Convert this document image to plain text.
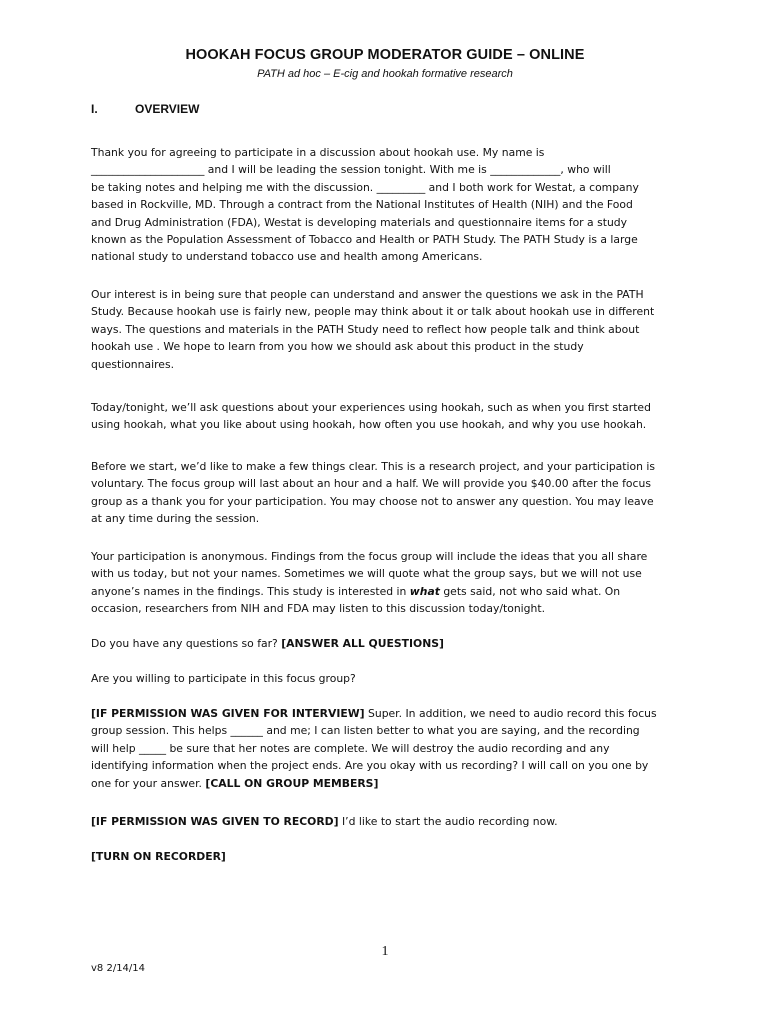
HOOKAH FOCUS GROUP MODERATOR GUIDE – ONLINE
PATH ad hoc – E-cig and hookah formative research
I.	OVERVIEW
Thank you for agreeing to participate in a discussion about hookah use. My name is
_____________________ and I will be leading the session tonight. With me is _____________, who will
be taking notes and helping me with the discussion. _________ and I both work for Westat, a company
based in Rockville, MD. Through a contract from the National Institutes of Health (NIH) and the Food
and Drug Administration (FDA), Westat is developing materials and questionnaire items for a study
known as the Population Assessment of Tobacco and Health or PATH Study. The PATH Study is a large
national study to understand tobacco use and health among Americans.
Our interest is in being sure that people can understand and answer the questions we ask in the PATH
Study. Because hookah use is fairly new, people may think about it or talk about hookah use in different
ways. The questions and materials in the PATH Study need to reflect how people talk and think about
hookah use . We hope to learn from you how we should ask about this product in the study
questionnaires.
Today/tonight, we’ll ask questions about your experiences using hookah, such as when you first started
using hookah, what you like about using hookah, how often you use hookah, and why you use hookah.
Before we start, we’d like to make a few things clear. This is a research project, and your participation is
voluntary. The focus group will last about an hour and a half. We will provide you $40.00 after the focus
group as a thank you for your participation. You may choose not to answer any question. You may leave
at any time during the session.
Your participation is anonymous. Findings from the focus group will include the ideas that you all share
with us today, but not your names. Sometimes we will quote what the group says, but we will not use
anyone’s names in the findings. This study is interested in what gets said, not who said what. On
occasion, researchers from NIH and FDA may listen to this discussion today/tonight.
Do you have any questions so far? [ANSWER ALL QUESTIONS]
Are you willing to participate in this focus group?
[IF PERMISSION WAS GIVEN FOR INTERVIEW] Super. In addition, we need to audio record this focus
group session. This helps ______ and me; I can listen better to what you are saying, and the recording
will help _____ be sure that her notes are complete. We will destroy the audio recording and any
identifying information when the project ends. Are you okay with us recording? I will call on you one by
one for your answer. [CALL ON GROUP MEMBERS]
[IF PERMISSION WAS GIVEN TO RECORD] I’d like to start the audio recording now.
[TURN ON RECORDER]
1
v8 2/14/14
